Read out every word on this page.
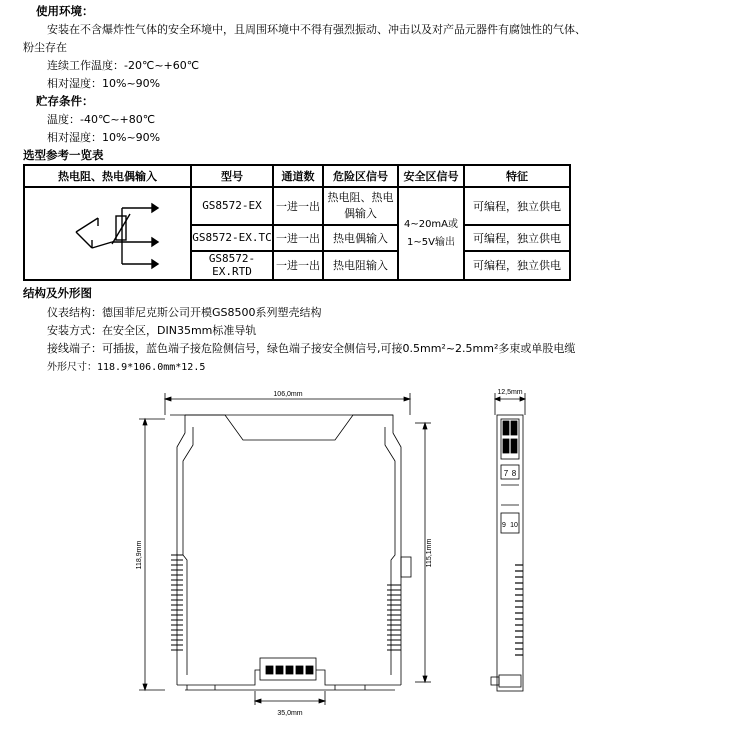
使用环境：
安装在不含爆炸性气体的安全环境中，且周围环境中不得有强烈振动、冲击以及对产品元器件有腐蚀性的气体、
粉尘存在
连续工作温度：-20℃~+60℃
相对湿度：10%~90%
贮存条件：
温度：-40℃~+80℃
相对湿度：10%~90%
选型参考一览表
热电阻、热电偶输入	型号	通道数	危险区信号	安全区信号	特征
	GS8572-EX	一进一出	热电阻、热电偶输入	4~20mA或
1~5V输出	可编程，独立供电
	GS8572-EX.TC	一进一出	热电偶输入		可编程，独立供电
	GS8572-EX.RTD	一进一出	热电阻输入		可编程，独立供电
结构及外形图
仪表结构：德国菲尼克斯公司开模GS8500系列塑壳结构
安装方式：在安全区，DIN35mm标准导轨
接线端子：可插拔，蓝色端子接危险侧信号，绿色端子接安全侧信号,可接0.5mm²~2.5mm²多束或单股电缆
外形尺寸：118.9*106.0mm*12.5
106,0mm
118,9mm	115,1mm
35,0mm
12,5mm
7 8
9 10
